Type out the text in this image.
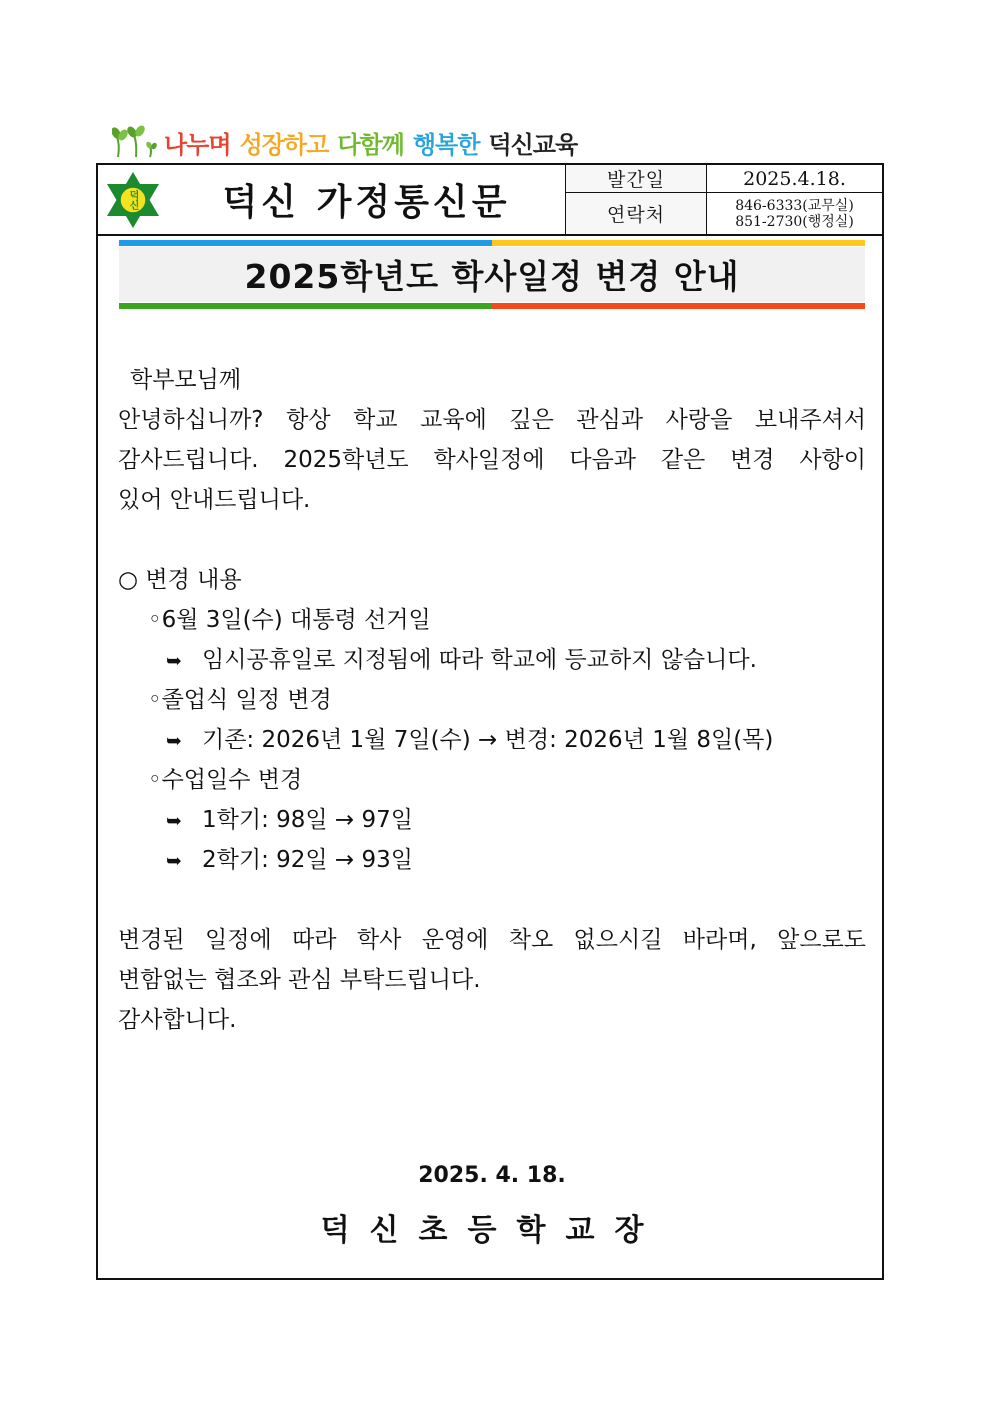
나누며 성장하고 다함께 행복한 덕신교육
덕신	덕신 가정통신문
발간일	2025.4.18.
연락처	846-6333(교무실)
851-2730(행정실)
2025학년도 학사일정 변경 안내
학부모님께
안녕하십니까? 항상 학교 교육에 깊은 관심과 사랑을 보내주셔서
감사드립니다. 2025학년도 학사일정에 다음과 같은 변경 사항이
있어 안내드립니다.
○ 변경 내용
◦6월 3일(수) 대통령 선거일
➥ 임시공휴일로 지정됨에 따라 학교에 등교하지 않습니다.
◦졸업식 일정 변경
➥ 기존: 2026년 1월 7일(수) → 변경: 2026년 1월 8일(목)
◦수업일수 변경
➥ 1학기: 98일 → 97일
➥ 2학기: 92일 → 93일
변경된 일정에 따라 학사 운영에 착오 없으시길 바라며, 앞으로도
변함없는 협조와 관심 부탁드립니다.
감사합니다.
2025. 4. 18.
덕신초등학교장
